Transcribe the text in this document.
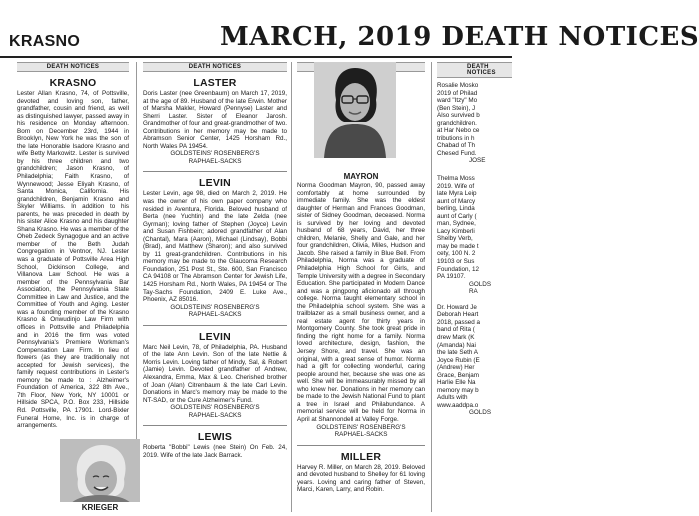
KRASNO	MARCH, 2019 DEATH NOTICES
DEATH NOTICES
KRASNO

Lester Allan Krasno, 74, of Pottsville, devoted and loving son, father, grandfather, cousin and friend, as well as distinguished lawyer, passed away in his residence on Monday afternoon. Born on December 23rd, 1944 in Brooklyn, New York he was the son of the late Honorable Isadore Krasno and wife Betty Markowitz. Lester is survived by his three children and two grandchildren; Jason Krasno, of Philadelphia; Faith Krasno, of Wynnewood; Jesse Eliyah Krasno, of Santa Monica, California. His grandchildren, Benjamin Krasno and Skyler Williams. In addition to his parents, he was preceded in death by his sister Alice Krasno and his daughter Shana Krasno. He was a member of the Oheb Zedeck Synagogue and an active member of the Beth Judah Congregation in Ventnor, NJ. Lester was a graduate of Pottsville Area High School, Dickinson College, and Villanova Law School. He was a member of the Pennsylvania Bar Association, the Pennsylvania State Committee in Law and Justice, and the Committee of Youth and Aging. Lester was a founding member of the Krasno Krasno & Onwudinjo Law Firm with offices in Pottsville and Philadelphia and in 2016 the firm was voted Pennsylvania's Premiere Workman's Compensation Law Firm. In lieu of flowers (as they are traditionally not accepted for Jewish services), the family request contributions in Lester's memory be made to : Alzheimer's Foundation of America, 322 8th Ave., 7th Floor, New York, NY 10001 or Hillside SPCA, P.O. Box 233, Hillside Rd. Pottsville, PA 17901. Lord-Bixler Funeral Home, Inc. is in charge of arrangements.

DEATH NOTICES
LASTER

Doris Laster (nee Greenbaum) on March 17, 2019, at the age of 89. Husband of the late Erwin. Mother of Marsha Makler, Howard (Pennyse) Laster and Sherri Laster. Sister of Eleanor Jarosh. Grandmother of four and great-grandmother of two. Contributions in her memory may be made to Abramson Senior Center, 1425 Horsham Rd., North Wales PA 19454.

GOLDSTEINS' ROSENBERG'S
RAPHAEL-SACKS

LEVIN

Lester Levin, age 98, died on March 2, 2019. He was the owner of his own paper company who resided in Aventura, Florida. Beloved husband of Berta (nee Yuchtin) and the late Zelda (nee Gyrman); loving father of Stephen (Joyce) Levin and Susan Fishbein; adored grandfather of Alan (Chantal), Mara (Aaron), Michael (Lindsay), Bobbi (Brad), and Matthew (Sharon); and also survived by 11 great-grandchildren. Contributions in his memory may be made to the Glaucoma Research Foundation, 251 Post St., Ste. 600, San Francisco CA 94108 or The Abramson Center for Jewish Life, 1425 Horsham Rd., North Wales, PA 19454 or The Tay-Sachs Foundation, 2409 E. Luke Ave., Phoenix, AZ 85016.

GOLDSTEINS' ROSENBERG'S
RAPHAEL-SACKS

LEVIN

Marc Neil Levin, 78, of Philadelphia, PA. Husband of the late Ann Levin. Son of the late Nettie & Morris Levin. Loving father of Mindy, Sal, & Robert (Jamie) Levin. Devoted grandfather of Andrew, Alexandra, Emma, Max & Leo. Cherished brother of Joan (Alan) Citrenbaum & the late Carl Levin. Donations in Marc's memory may be made to the NT-SAD, or the Cure Alzheimer's Fund.

GOLDSTEINS' ROSENBERG'S
RAPHAEL-SACKS

LEWIS

Roberta "Bobbi" Lewis (nee Stein) On Feb. 24, 2019. Wife of the late Jack Barrack.

MAYRON

Norma Goodman Mayron, 90, passed away comfortably at home surrounded by immediate family. She was the eldest daughter of Herman and Frances Goodman, sister of Sidney Goodman, deceased. Norma is survived by her loving and devoted husband of 68 years, David, her three children, Melanie, Shelly and Gale, and her four grandchildren, Olivia, Miles, Hudson and Jacob. She raised a family in Blue Bell. From Philadelphia, Norma was a graduate of Philadelphia High School for Girls, and Temple University with a degree in Secondary Education. She participated in Modern Dance and was a pingpong aficionado all through college. Norma taught elementary school in the Philadelphia school system. She was a trailblazer as a small business owner, and a real estate agent for thirty years in Montgomery County. She took great pride in finding the right home for a family. Norma loved architecture, design, fashion, the Jersey Shore, and travel. She was an original, with a great sense of humor. Norma had a gift for collecting wonderful, caring people around her, because she was one as well. She will be immeasurably missed by all who knew her. Donations in her memory can be made to the Jewish National Fund to plant a tree in Israel and Philabundance. A memorial service will be held for Norma in April at Shannondell at Valley Forge.

GOLDSTEINS' ROSENBERG'S
RAPHAEL-SACKS

MILLER

Harvey R. Miller, on March 28, 2019. Beloved and devoted husband to Shelley for 61 loving years. Loving and caring father of Steven, Marci, Karen, Larry, and Robin.

DEATH NOTICES

Rosalie Mosko
2019 of Philad
ward "Itzy" Mo
(Ben Stein), J
Also survived b
grandchildren.
at Har Nebo ce
tributions in h
Chabad of Th
Chesed Fund.

JOSE

Thelma Moss
2019. Wife of
late Myra Leip
aunt of Marcy
berling, Linda
aunt of Carly (
man, Sydnee,
Lacy Kimberli
Shelby Verb,
may be made t
cety, 100 N. 2
19103 or Sus
Foundation, 12
PA 19107.

GOLDS
RA

Dr. Howard Je
Deborah Heart
2018, passed a
band of Rita (
drew Mark (K
(Amanda) Nai
the late Seth A
Joyce Rubin (E
(Andrew) Her
Grace, Benjam
Harlie Elle Na
memory may b
Adults with
www.aaddpa.o

GOLDS

KRIEGER
